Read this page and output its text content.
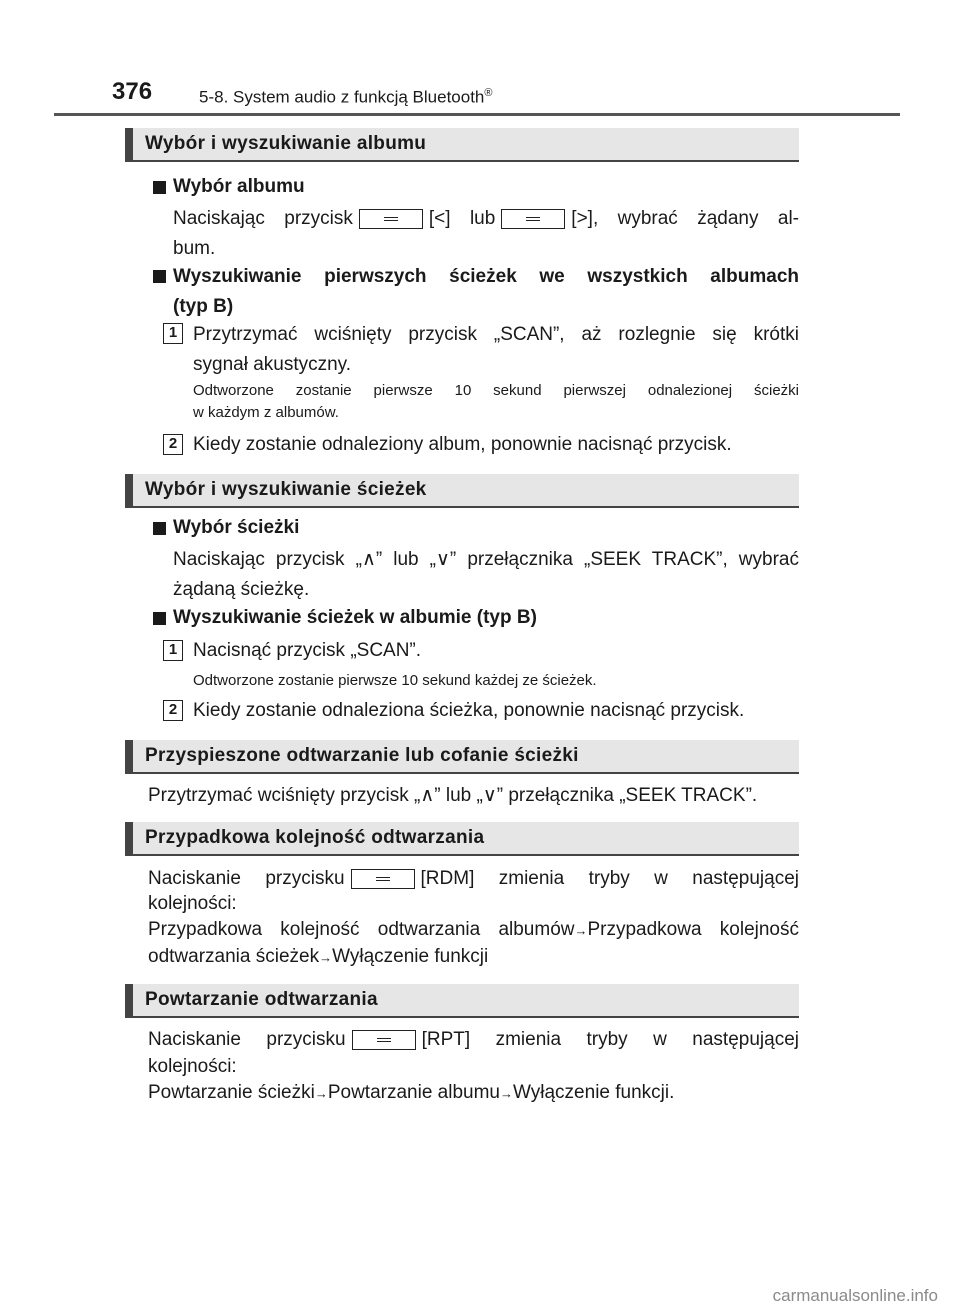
376	5-8. System audio z funkcją Bluetooth®
Wybór i wyszukiwanie albumu
Wybór albumu
Naciskając przycisk	[<] lub	[>], wybrać żądany al-
bum.
Wyszukiwanie pierwszych ścieżek we wszystkich albumach
(typ B)
1 Przytrzymać wciśnięty przycisk „SCAN”, aż rozlegnie się krótki
sygnał akustyczny.
Odtworzone zostanie pierwsze 10 sekund pierwszej odnalezionej ścieżki
w każdym z albumów.
2 Kiedy zostanie odnaleziony album, ponownie nacisnąć przycisk.
Wybór i wyszukiwanie ścieżek
Wybór ścieżki
Naciskając przycisk „∧” lub „∨” przełącznika „SEEK TRACK”, wybrać
żądaną ścieżkę.
Wyszukiwanie ścieżek w albumie (typ B)
1 Nacisnąć przycisk „SCAN”.
Odtworzone zostanie pierwsze 10 sekund każdej ze ścieżek.
2 Kiedy zostanie odnaleziona ścieżka, ponownie nacisnąć przycisk.
Przyspieszone odtwarzanie lub cofanie ścieżki
Przytrzymać wciśnięty przycisk „∧” lub „∨” przełącznika „SEEK TRACK”.
Przypadkowa kolejność odtwarzania
Naciskanie przycisku	[RDM] zmienia tryby w następującej
kolejności:
Przypadkowa kolejność odtwarzania albumów→Przypadkowa kolejność
odtwarzania ścieżek→Wyłączenie funkcji
Powtarzanie odtwarzania
Naciskanie przycisku	[RPT] zmienia tryby w następującej
kolejności:
Powtarzanie ścieżki→Powtarzanie albumu→Wyłączenie funkcji.
carmanualsonline.info
